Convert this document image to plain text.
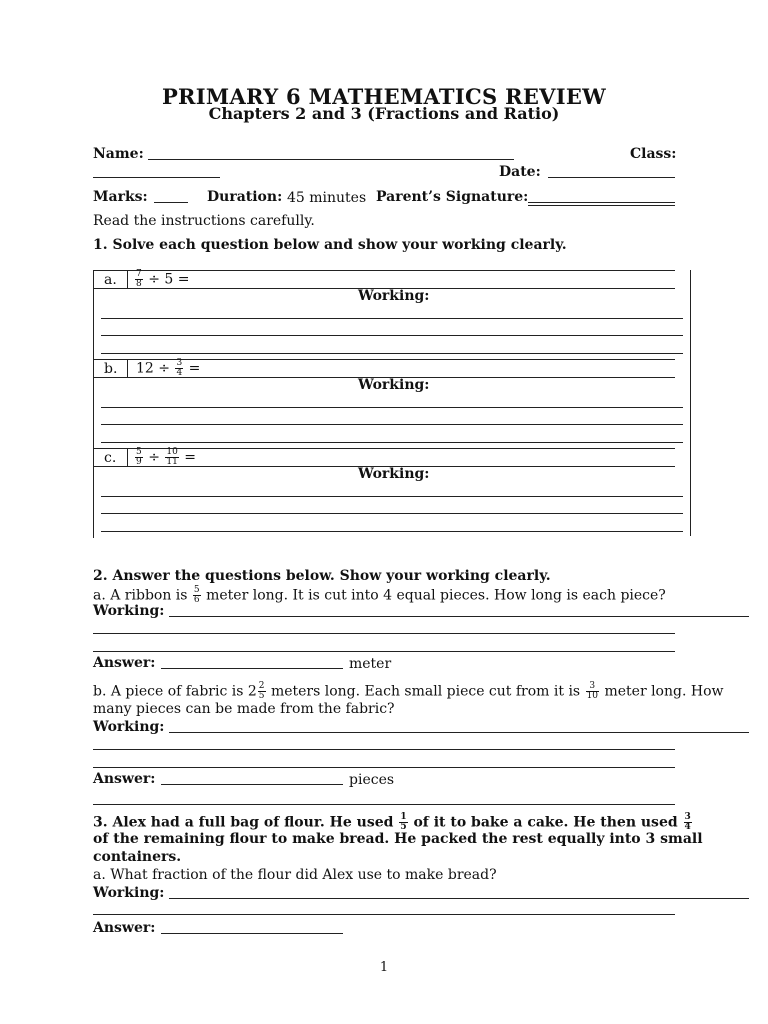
PRIMARY 6 MATHEMATICS REVIEW
Chapters 2 and 3 (Fractions and Ratio)
Name:	Class:
Date:
Marks:	Duration: 45 minutes Parent’s Signature:
Read the instructions carefully.
1. Solve each question below and show your working clearly.
a. $\frac{7}{8} \div 5$ =
Working:
b. $12 \div \frac{3}{4}$ =
Working:
c. $\frac{5}{9} \div \frac{10}{11}$ =
Working:
2. Answer the questions below. Show your working clearly.
a. A ribbon is $\frac{5}{6}$ meter long. It is cut into 4 equal pieces. How long is each piece?
Working:
Answer:	meter
b. A piece of fabric is $2 \frac{2}{5}$ meters long. Each small piece cut from it is $\frac{3}{10}$ meter long. How
many pieces can be made from the fabric?
Working:
Answer:	pieces
3. Alex had a full bag of flour. He used $\frac{1}{5}$ of it to bake a cake. He then used $\frac{3}{4}$
of the remaining flour to make bread. He packed the rest equally into 3 small
containers.
a. What fraction of the flour did Alex use to make bread?
Working:
Answer:
1
